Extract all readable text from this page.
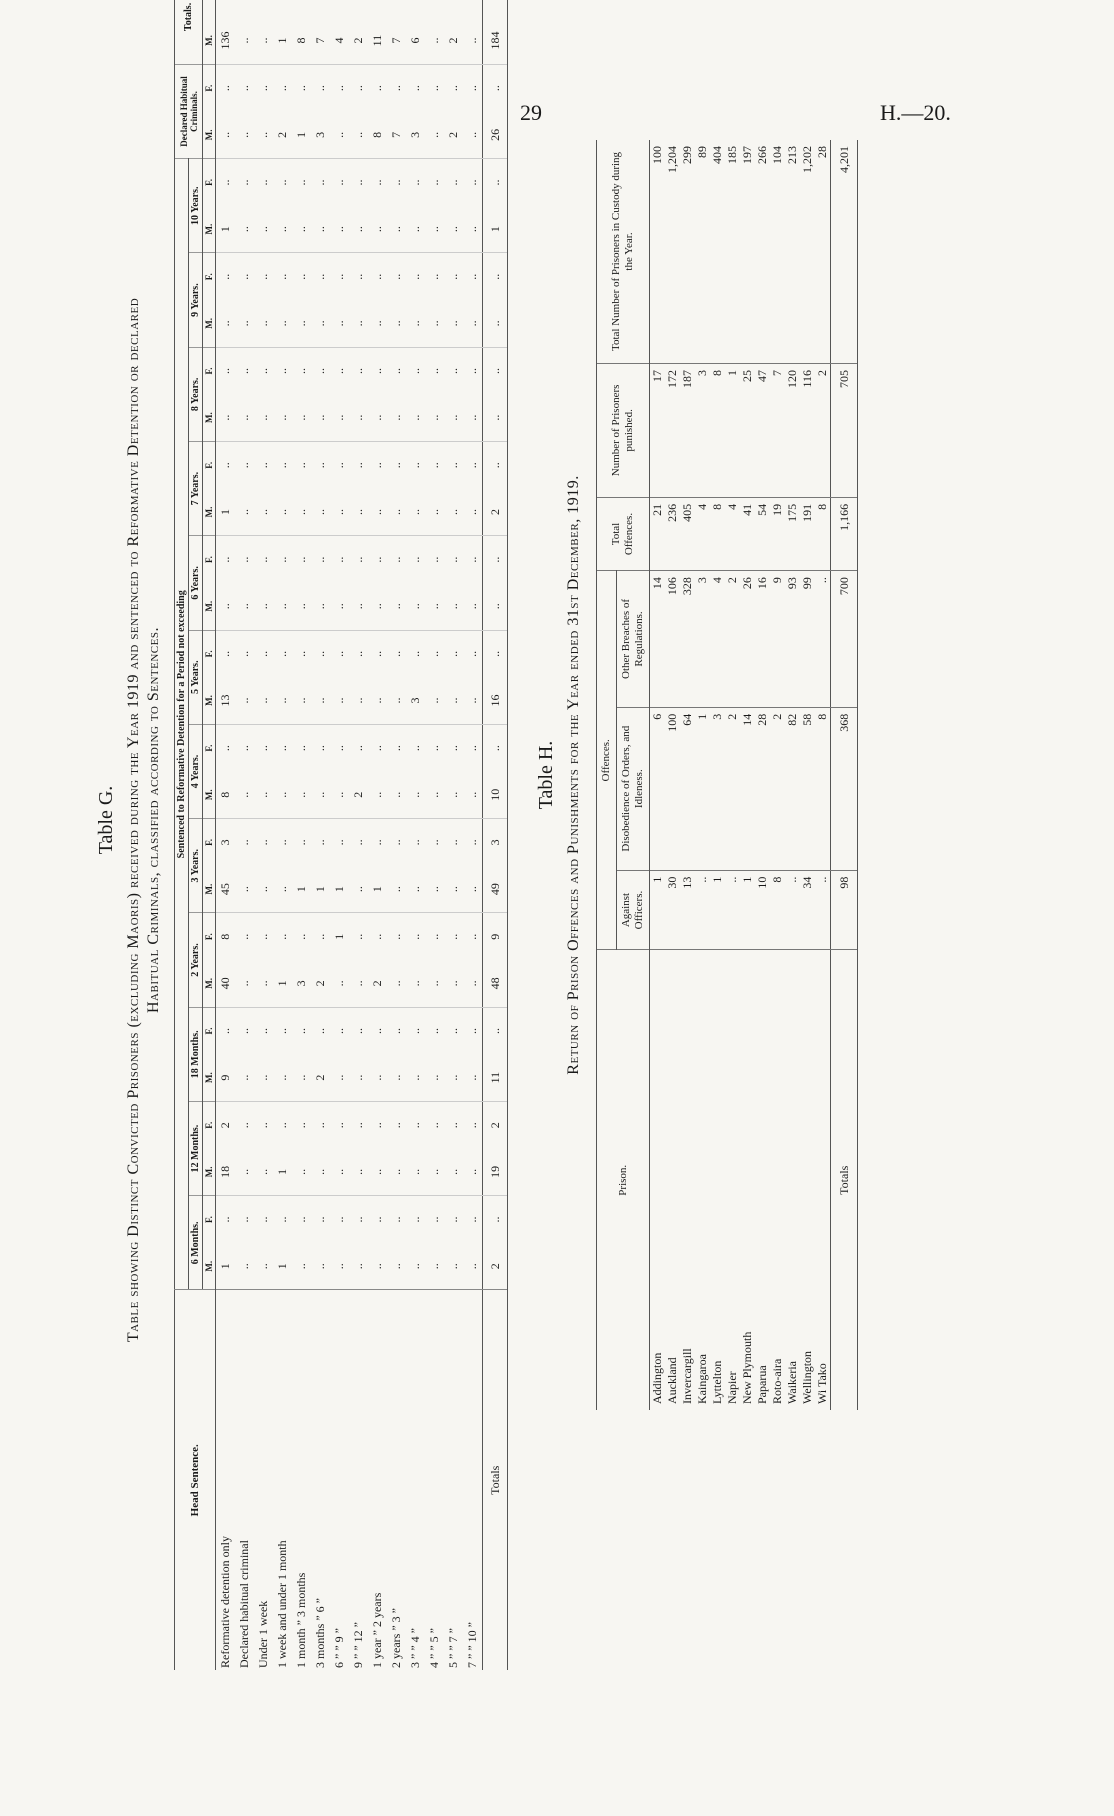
29	H.—20.
Table G. Table showing Distinct Convicted Prisoners (excluding Maoris) received during the Year 1919 and sentenced to Reformative Detention or declared Habitual Criminals, classified according to Sentences.
Head Sentence.	Sentenced to Reformative Detention for a Period not exceeding																								Declared Habitual Criminals.		Totals.	
	6 Months.		12 Months.		18 Months.		2 Years.		3 Years.		4 Years.		5 Years.		6 Years.		7 Years.		8 Years.		9 Years.		10 Years.					
	M.	F.	M.	F.	M.	F.	M.	F.	M.	F.	M.	F.	M.	F.	M.	F.	M.	F.	M.	F.	M.	F.	M.	F.	M.	F.	M.	
Reformative detention only	1	..	18	2	9	..	40	8	45	3	8	..	13	..	..	..	1	..	..	..	..	..	1	..	..	..	136	
Declared habitual criminal	..	..	..	..	..	..	..	..	..	..	..	..	..	..	..	..	..	..	..	..	..	..	..	..	..	..	..	
Under 1 week	..	..	..	..	..	..	..	..	..	..	..	..	..	..	..	..	..	..	..	..	..	..	..	..	..	..	..	
1 week and under 1 month	1	..	1	..	..	..	1	..	..	..	..	..	..	..	..	..	..	..	..	..	..	..	..	..	2	..	1	
1 month ” 3 months	..	..	..	..	..	..	3	..	1	..	..	..	..	..	..	..	..	..	..	..	..	..	..	..	1	..	8	
3 months ” 6 ”	..	..	..	..	2	..	2	..	1	..	..	..	..	..	..	..	..	..	..	..	..	..	..	..	3	..	7	
6 ” ” 9 ”	..	..	..	..	..	..	..	1	1	..	..	..	..	..	..	..	..	..	..	..	..	..	..	..	..	..	4	
9 ” ” 12 ”	..	..	..	..	..	..	..	..	..	..	2	..	..	..	..	..	..	..	..	..	..	..	..	..	..	..	2	
1 year ” 2 years	..	..	..	..	..	..	2	..	1	..	..	..	..	..	..	..	..	..	..	..	..	..	..	..	8	..	11	
2 years ” 3 ”	..	..	..	..	..	..	..	..	..	..	..	..	..	..	..	..	..	..	..	..	..	..	..	..	7	..	7	
3 ” ” 4 ”	..	..	..	..	..	..	..	..	..	..	..	..	3	..	..	..	..	..	..	..	..	..	..	..	3	..	6	
4 ” ” 5 ”	..	..	..	..	..	..	..	..	..	..	..	..	..	..	..	..	..	..	..	..	..	..	..	..	..	..	..	
5 ” ” 7 ”	..	..	..	..	..	..	..	..	..	..	..	..	..	..	..	..	..	..	..	..	..	..	..	..	2	..	2	
7 ” ” 10 ”	..	..	..	..	..	..	..	..	..	..	..	..	..	..	..	..	..	..	..	..	..	..	..	..	..	..	..	
Totals	2	..	19	2	11	..	48	9	49	3	10	..	16	..	..	..	2	..	..	..	..	..	1	..	26	..	184	
Table H. Return of Prison Offences and Punishments for the Year ended 31st December, 1919.
Prison.	Offences.			Total Offences.	Number of Prisoners punished.	Total Number of Prisoners in Custody during the Year.
	Against Officers.	Disobedience of Orders, and Idleness.	Other Breaches of Regulations.			
Addington	1	6	14	21	17	100
Auckland	30	100	106	236	172	1,204
Invercargill	13	64	328	405	187	299
Kaingaroa	..	1	3	4	3	89
Lyttelton	1	3	4	8	8	404
Napier	..	2	2	4	1	185
New Plymouth	1	14	26	41	25	197
Paparua	10	28	16	54	47	266
Roto-aira	8	2	9	19	7	104
Waikeria	..	82	93	175	120	213
Wellington	34	58	99	191	116	1,202
Wi Tako	..	8	..	8	2	28
Totals	98	368	700	1,166	705	4,201
